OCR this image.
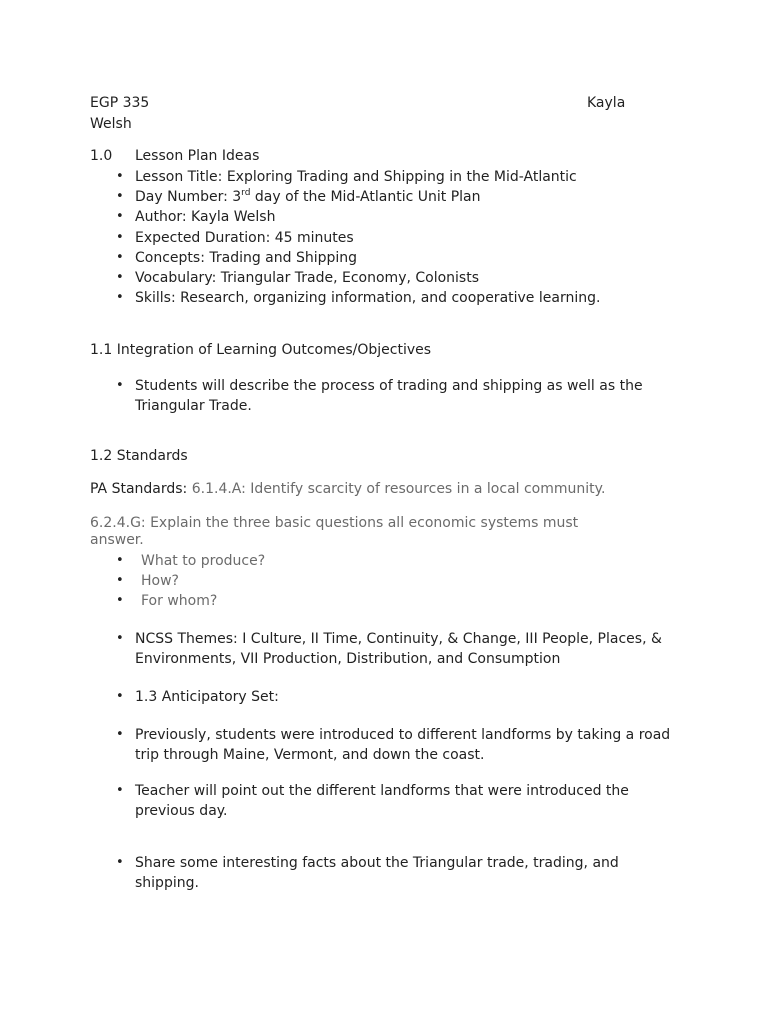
EGP 335	Kayla
Welsh
1.0 Lesson Plan Ideas
• Lesson Title: Exploring Trading and Shipping in the Mid-Atlantic
• Day Number: 3rd day of the Mid-Atlantic Unit Plan
• Author: Kayla Welsh
• Expected Duration: 45 minutes
• Concepts: Trading and Shipping
• Vocabulary: Triangular Trade, Economy, Colonists
• Skills: Research, organizing information, and cooperative learning.
1.1 Integration of Learning Outcomes/Objectives
• Students will describe the process of trading and shipping as well as the Triangular Trade.
1.2 Standards
PA Standards: 6.1.4.A: Identify scarcity of resources in a local community.
6.2.4.G: Explain the three basic questions all economic systems must answer.
• What to produce?
• How?
• For whom?
• NCSS Themes: I Culture, II Time, Continuity, & Change, III People, Places, & Environments, VII Production, Distribution, and Consumption
• 1.3 Anticipatory Set:
• Previously, students were introduced to different landforms by taking a road trip through Maine, Vermont, and down the coast.
• Teacher will point out the different landforms that were introduced the previous day.
• Share some interesting facts about the Triangular trade, trading, and shipping.
